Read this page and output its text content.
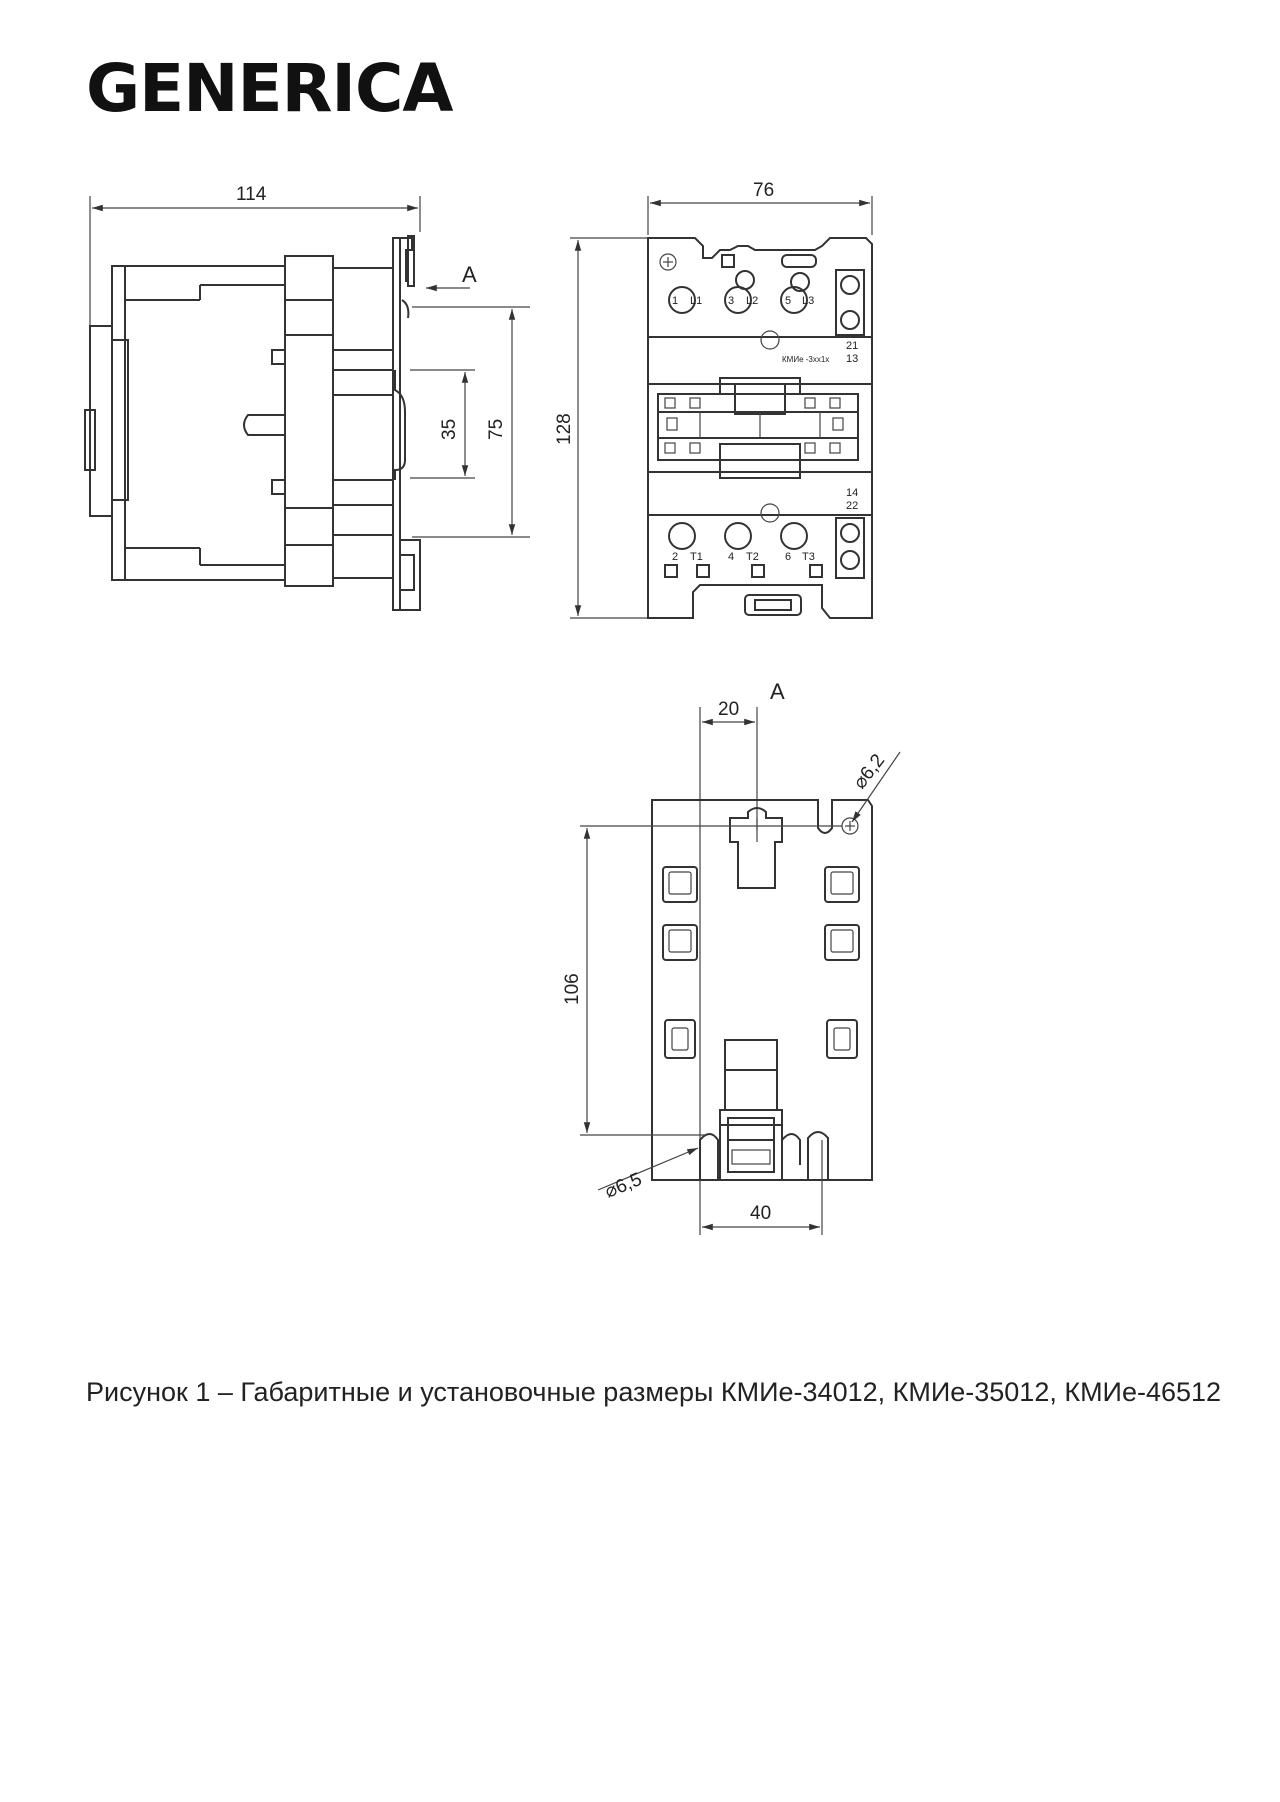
GENERICA
114
A
35 75
76
128
1 L1 3 L2 5 L3
21
13
КМИе -3xx1x
14
22
2 T1 4 T2 6 T3
A
20
106
⌀6,2
⌀6,5
40
Рисунок 1 – Габаритные и установочные размеры КМИе-34012, КМИе-35012, КМИе-46512
